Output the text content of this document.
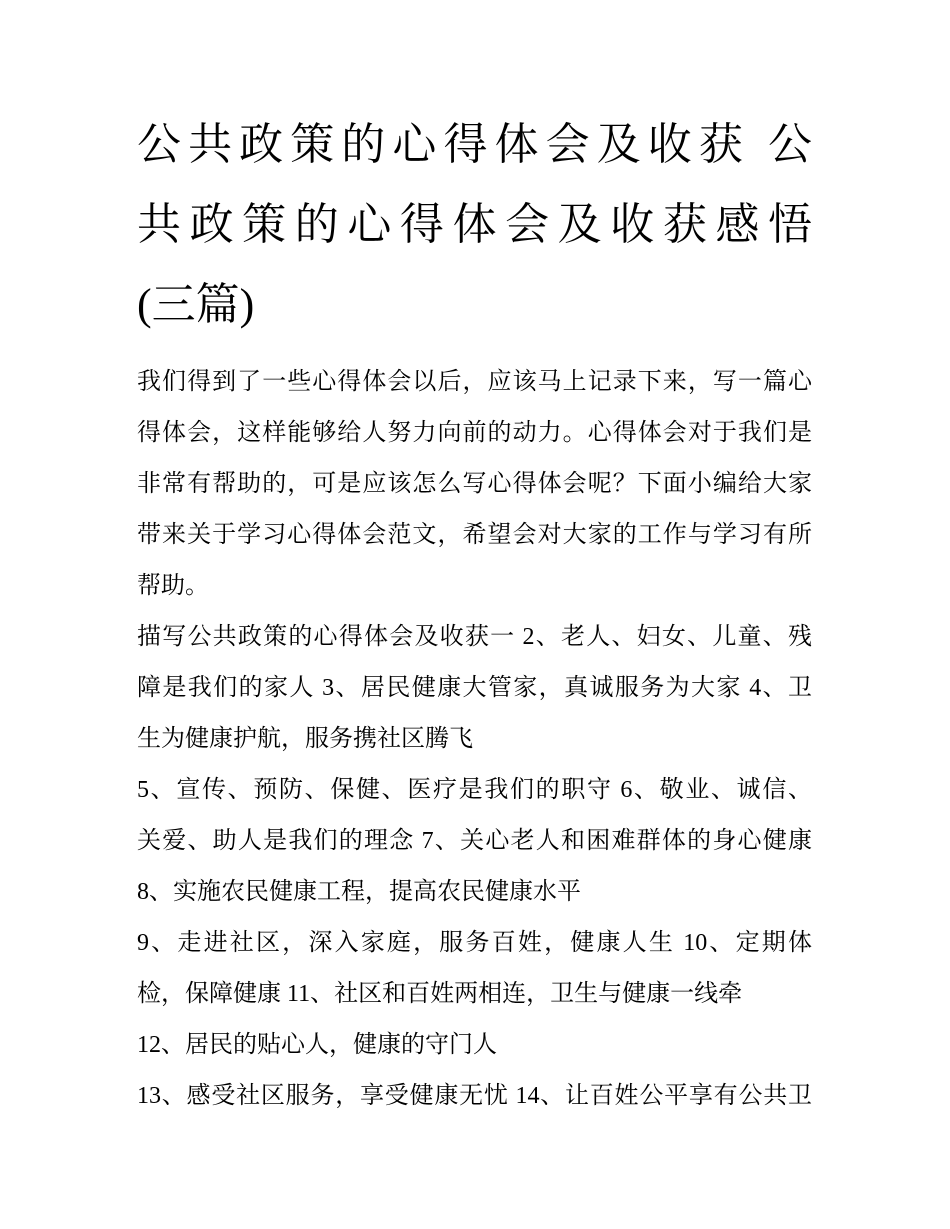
公共政策的心得体会及收获 公
共政策的心得体会及收获感悟
(三篇)

我们得到了一些心得体会以后，应该马上记录下来，写一篇心
得体会，这样能够给人努力向前的动力。心得体会对于我们是
非常有帮助的，可是应该怎么写心得体会呢？下面小编给大家
带来关于学习心得体会范文，希望会对大家的工作与学习有所
帮助。

描写公共政策的心得体会及收获一 2、老人、妇女、儿童、残
障是我们的家人 3、居民健康大管家，真诚服务为大家 4、卫
生为健康护航，服务携社区腾飞

5、宣传、预防、保健、医疗是我们的职守 6、敬业、诚信、
关爱、助人是我们的理念 7、关心老人和困难群体的身心健康

8、实施农民健康工程，提高农民健康水平

9、走进社区，深入家庭，服务百姓，健康人生 10、定期体
检，保障健康 11、社区和百姓两相连，卫生与健康一线牵

12、居民的贴心人，健康的守门人

13、感受社区服务，享受健康无忧 14、让百姓公平享有公共卫
